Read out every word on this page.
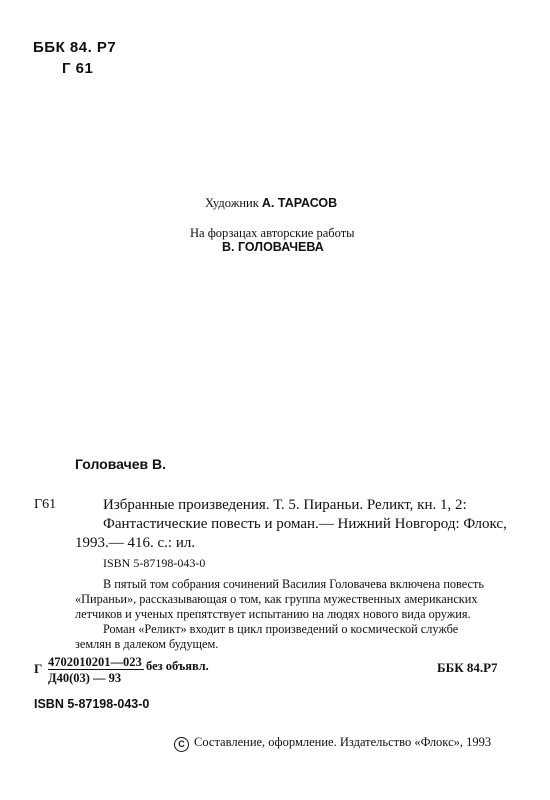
ББК 84. Р7
Г 61
Художник А. ТАРАСОВ
На форзацах авторские работы
В. ГОЛОВАЧЕВА
Головачев В.
Г61	Избранные произведения. Т. 5. Пираньи. Реликт, кн. 1, 2:
Фантастические повесть и роман.— Нижний Новгород: Флокс,
1993.— 416. с.: ил.
ISBN 5-87198-043-0
В пятый том собрания сочинений Василия Головачева включена повесть
«Пираньи», рассказывающая о том, как группа мужественных американских
летчиков и ученых препятствует испытанию на людях нового вида оружия.
Роман «Реликт» входит в цикл произведений о космической службе
землян в далеком будущем.
Г 4702010201—023
Д40(03) — 93
без объявл.	ББК 84.Р7
ISBN 5-87198-043-0
C Составление, оформление. Издательство «Флокс», 1993
